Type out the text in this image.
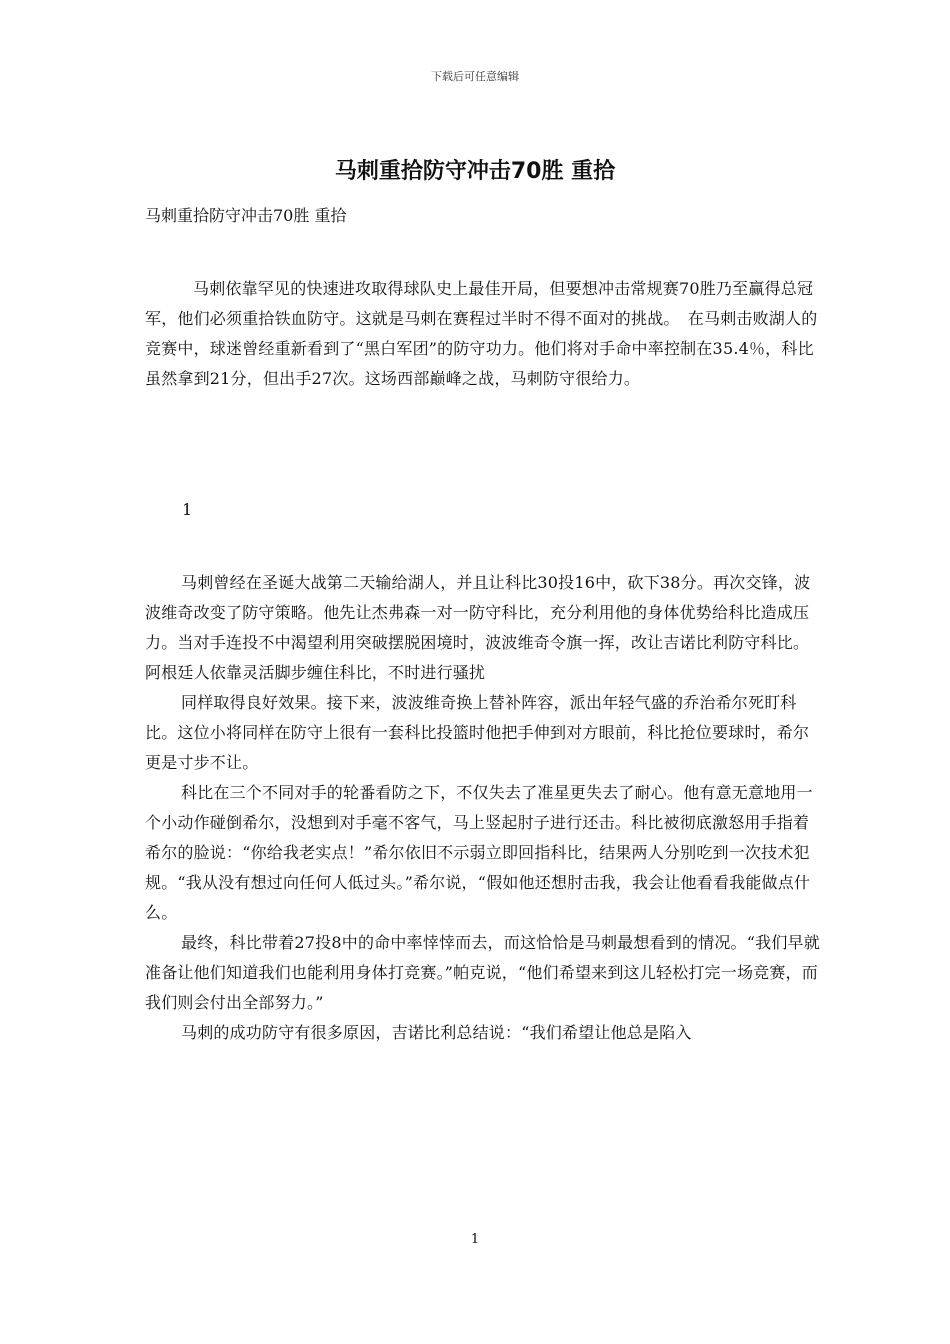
下载后可任意编辑
马刺重拾防守冲击70胜 重拾
马刺重拾防守冲击70胜 重拾

马刺依靠罕见的快速进攻取得球队史上最佳开局，但要想冲击常规赛70胜乃至赢得总冠军，他们必须重拾铁血防守。这就是马刺在赛程过半时不得不面对的挑战。　在马刺击败湖人的竞赛中，球迷曾经重新看到了“黑白军团”的防守功力。他们将对手命中率控制在35.4％，科比虽然拿到21分，但出手27次。这场西部巅峰之战，马刺防守很给力。

1

马刺曾经在圣诞大战第二天输给湖人，并且让科比30投16中，砍下38分。再次交锋，波波维奇改变了防守策略。他先让杰弗森一对一防守科比，充分利用他的身体优势给科比造成压力。当对手连投不中渴望利用突破摆脱困境时，波波维奇令旗一挥，改让吉诺比利防守科比。阿根廷人依靠灵活脚步缠住科比，不时进行骚扰

同样取得良好效果。接下来，波波维奇换上替补阵容，派出年轻气盛的乔治希尔死盯科比。这位小将同样在防守上很有一套科比投篮时他把手伸到对方眼前，科比抢位要球时，希尔更是寸步不让。

科比在三个不同对手的轮番看防之下，不仅失去了准星更失去了耐心。他有意无意地用一个小动作碰倒希尔，没想到对手毫不客气，马上竖起肘子进行还击。科比被彻底激怒用手指着希尔的脸说：“你给我老实点！”希尔依旧不示弱立即回指科比，结果两人分别吃到一次技术犯规。“我从没有想过向任何人低过头。”希尔说，“假如他还想肘击我，我会让他看看我能做点什么。

最终，科比带着27投8中的命中率悻悻而去，而这恰恰是马刺最想看到的情况。“我们早就准备让他们知道我们也能利用身体打竞赛。”帕克说，“他们希望来到这儿轻松打完一场竞赛，而我们则会付出全部努力。”

马刺的成功防守有很多原因，吉诺比利总结说：“我们希望让他总是陷入

1
